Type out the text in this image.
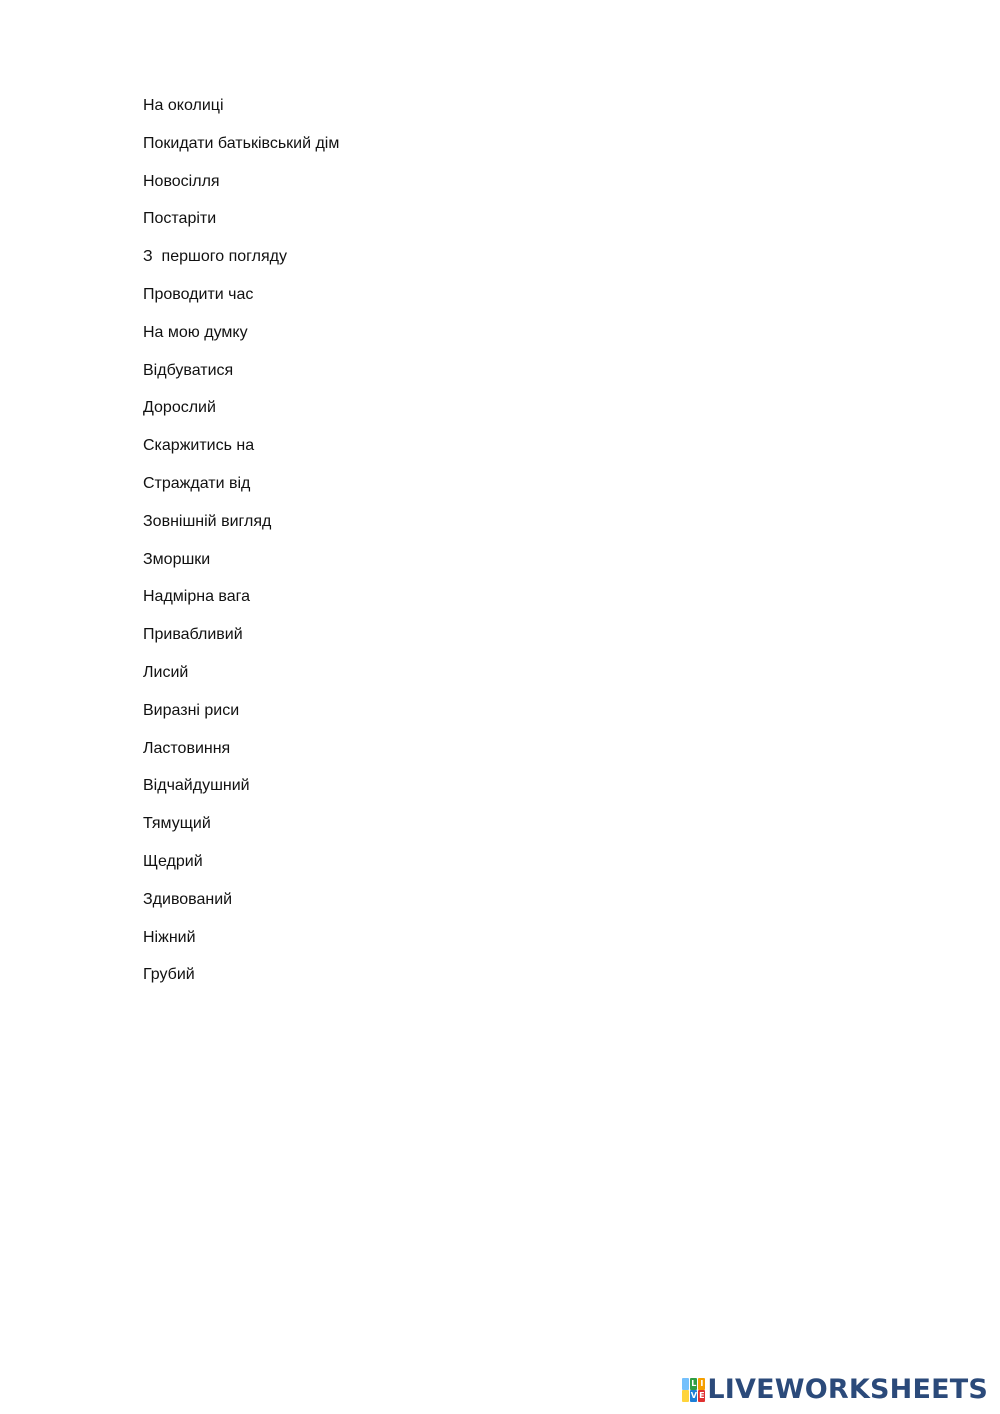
На околиці
Покидати батьківський дім
Новосілля
Постаріти
З  першого погляду
Проводити час
На мою думку
Відбуватися
Дорослий
Скаржитись на
Страждати від
Зовнішній вигляд
Зморшки
Надмірна вага
Привабливий
Лисий
Виразні риси
Ластовиння
Відчайдушний
Тямущий
Щедрий
Здивований
Ніжний
Грубий
L I
V E LIVEWORKSHEETS
